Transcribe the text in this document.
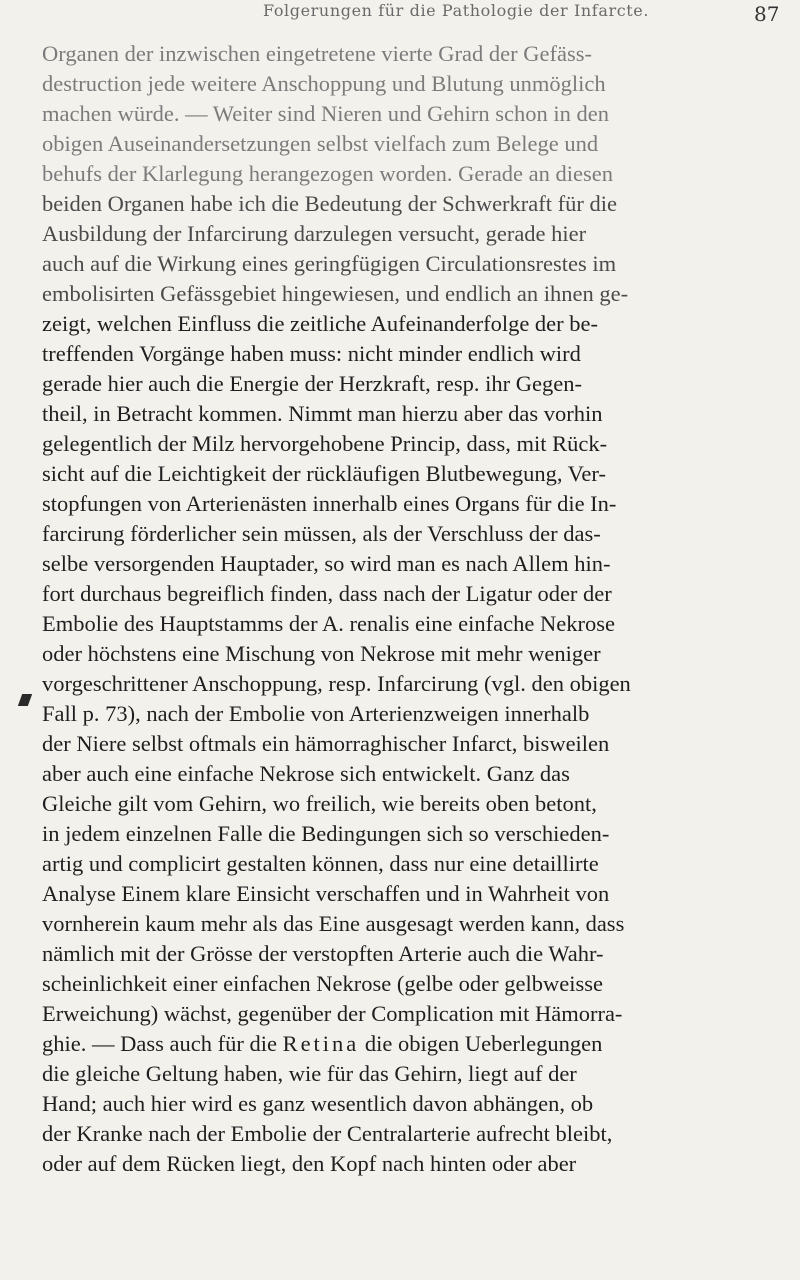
Folgerungen für die Pathologie der Infarcte.	87
Organen der inzwischen eingetretene vierte Grad der Gefäss-
destruction jede weitere Anschoppung und Blutung unmöglich
machen würde. — Weiter sind Nieren und Gehirn schon in den
obigen Auseinandersetzungen selbst vielfach zum Belege und
behufs der Klarlegung herangezogen worden. Gerade an diesen
beiden Organen habe ich die Bedeutung der Schwerkraft für die
Ausbildung der Infarcirung darzulegen versucht, gerade hier
auch auf die Wirkung eines geringfügigen Circulationsrestes im
embolisirten Gefässgebiet hingewiesen, und endlich an ihnen ge-
zeigt, welchen Einfluss die zeitliche Aufeinanderfolge der be-
treffenden Vorgänge haben muss: nicht minder endlich wird
gerade hier auch die Energie der Herzkraft, resp. ihr Gegen-
theil, in Betracht kommen. Nimmt man hierzu aber das vorhin
gelegentlich der Milz hervorgehobene Princip, dass, mit Rück-
sicht auf die Leichtigkeit der rückläufigen Blutbewegung, Ver-
stopfungen von Arterienästen innerhalb eines Organs für die In-
farcirung förderlicher sein müssen, als der Verschluss der das-
selbe versorgenden Hauptader, so wird man es nach Allem hin-
fort durchaus begreiflich finden, dass nach der Ligatur oder der
Embolie des Hauptstamms der A. renalis eine einfache Nekrose
oder höchstens eine Mischung von Nekrose mit mehr weniger
vorgeschrittener Anschoppung, resp. Infarcirung (vgl. den obigen
Fall p. 73), nach der Embolie von Arterienzweigen innerhalb
der Niere selbst oftmals ein hämorraghischer Infarct, bisweilen
aber auch eine einfache Nekrose sich entwickelt. Ganz das
Gleiche gilt vom Gehirn, wo freilich, wie bereits oben betont,
in jedem einzelnen Falle die Bedingungen sich so verschieden-
artig und complicirt gestalten können, dass nur eine detaillirte
Analyse Einem klare Einsicht verschaffen und in Wahrheit von
vornherein kaum mehr als das Eine ausgesagt werden kann, dass
nämlich mit der Grösse der verstopften Arterie auch die Wahr-
scheinlichkeit einer einfachen Nekrose (gelbe oder gelbweisse
Erweichung) wächst, gegenüber der Complication mit Hämorra-
ghie. — Dass auch für die Retina die obigen Ueberlegungen
die gleiche Geltung haben, wie für das Gehirn, liegt auf der
Hand; auch hier wird es ganz wesentlich davon abhängen, ob
der Kranke nach der Embolie der Centralarterie aufrecht bleibt,
oder auf dem Rücken liegt, den Kopf nach hinten oder aber
